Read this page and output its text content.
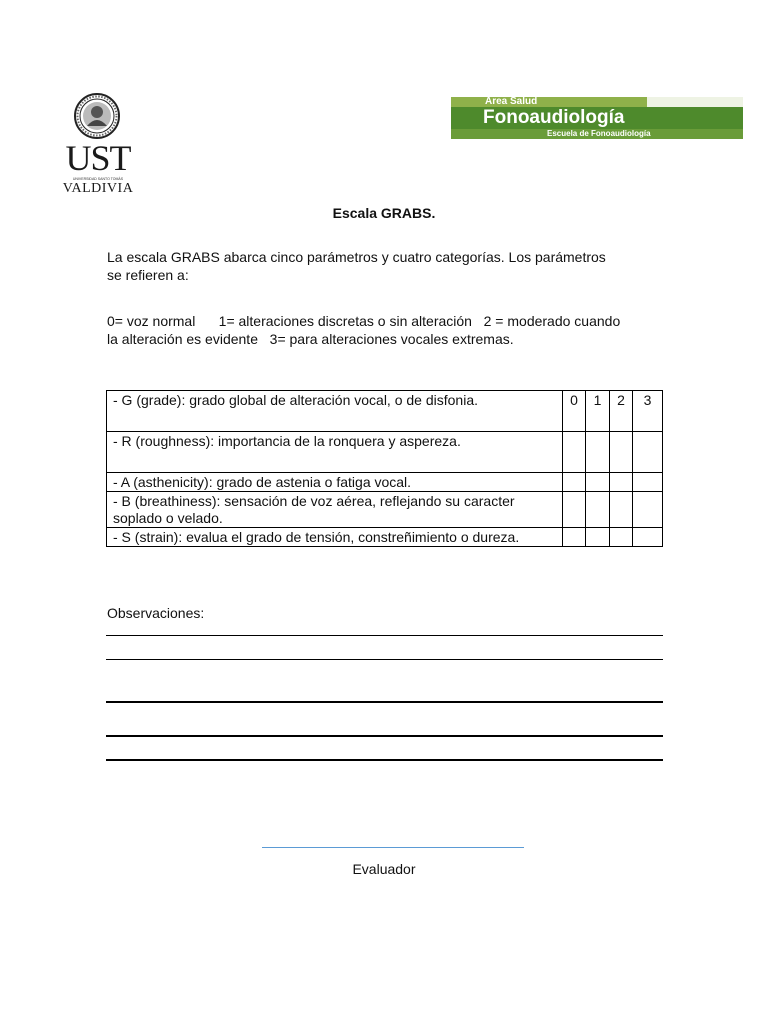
UST
UNIVERSIDAD SANTO TOMÁS
VALDIVIA
Area Salud
Fonoaudiología
Escuela de Fonoaudiología
Escala GRABS.
La escala GRABS abarca cinco parámetros y cuatro categorías. Los parámetros
se refieren a:
0= voz normal      1= alteraciones discretas o sin alteración   2 = moderado cuando
la alteración es evidente   3= para alteraciones vocales extremas.
- G (grade): grado global de alteración vocal, o de disfonia.	0	1	2	3
- R (roughness): importancia de la ronquera y aspereza.				
- A (asthenicity): grado de astenia o fatiga vocal.				
- B (breathiness): sensación de voz aérea, reflejando su caracter soplado o velado.				
- S (strain): evalua el grado de tensión, constreñimiento o dureza.				
Observaciones:
Evaluador
